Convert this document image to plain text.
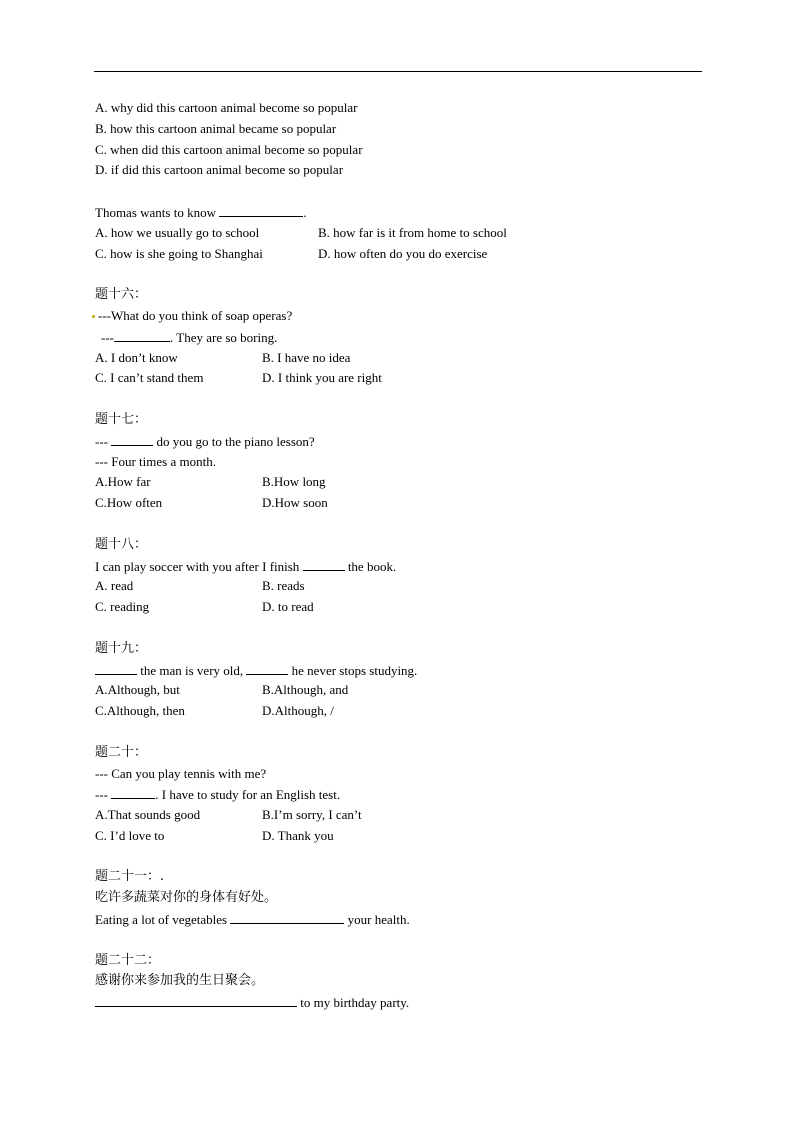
A. why did this cartoon animal become so popular
B. how this cartoon animal became so popular
C. when did this cartoon animal become so popular
D. if did this cartoon animal become so popular
Thomas wants to know	.
A. how we usually go to school	B. how far is it from home to school
C. how is she going to Shanghai	D. how often do you do exercise
题十六：
---What do you think of soap operas?
---	. They are so boring.
A. I don’t know	B. I have no idea
C. I can’t stand them	D. I think you are right
题十七：
---	do you go to the piano lesson?
--- Four times a month.
A.How far	B.How long
C.How often	D.How soon
题十八：
I can play soccer with you after I finish	the book.
A. read	B. reads
C. reading	D. to read
题十九：
the man is very old,	he never stops studying.
A.Although, but	B.Although, and
C.Although, then	D.Although, /
题二十：
--- Can you play tennis with me?
---	. I have to study for an English test.
A.That sounds good	B.I’m sorry, I can’t
C. I’d love to	D. Thank you
题二十一：.
吃许多蔬菜对你的身体有好处。
Eating a lot of vegetables	your health.
题二十二：
感谢你来参加我的生日聚会。
to my birthday party.
